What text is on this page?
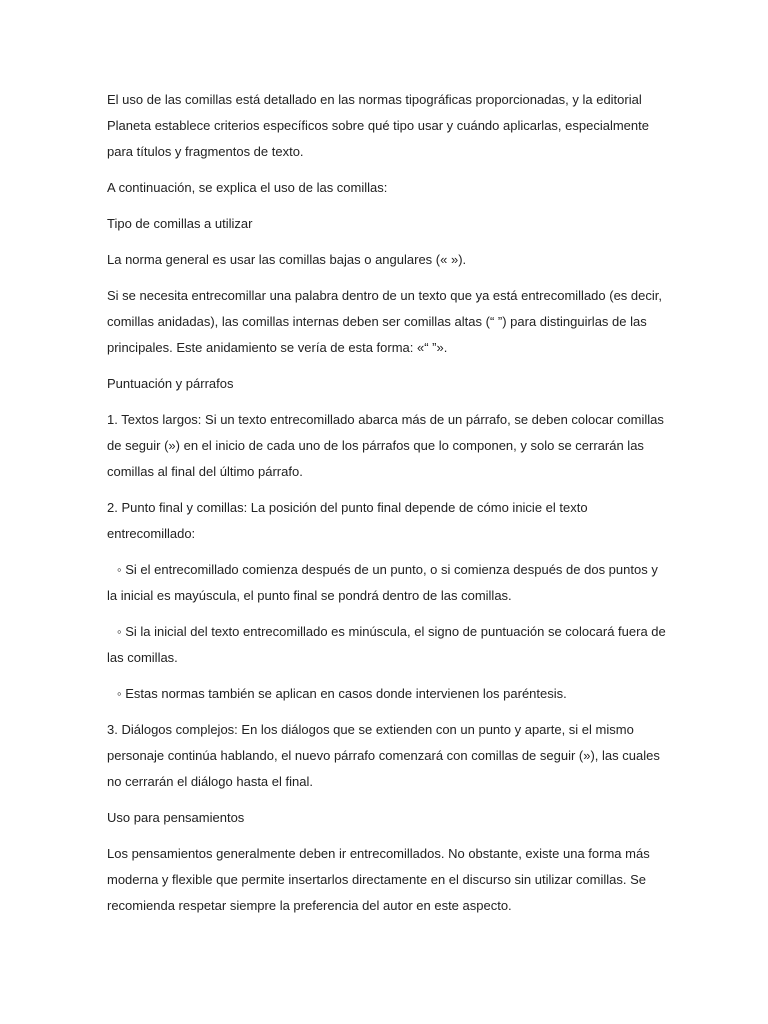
El uso de las comillas está detallado en las normas tipográficas proporcionadas, y la editorial Planeta establece criterios específicos sobre qué tipo usar y cuándo aplicarlas, especialmente para títulos y fragmentos de texto.

A continuación, se explica el uso de las comillas:

Tipo de comillas a utilizar

La norma general es usar las comillas bajas o angulares (« »).

Si se necesita entrecomillar una palabra dentro de un texto que ya está entrecomillado (es decir, comillas anidadas), las comillas internas deben ser comillas altas (“ ”) para distinguirlas de las principales. Este anidamiento se vería de esta forma: «“ ”».

Puntuación y párrafos

1. Textos largos: Si un texto entrecomillado abarca más de un párrafo, se deben colocar comillas de seguir (») en el inicio de cada uno de los párrafos que lo componen, y solo se cerrarán las comillas al final del último párrafo.

2. Punto final y comillas: La posición del punto final depende de cómo inicie el texto entrecomillado:

◦ Si el entrecomillado comienza después de un punto, o si comienza después de dos puntos y la inicial es mayúscula, el punto final se pondrá dentro de las comillas.

◦ Si la inicial del texto entrecomillado es minúscula, el signo de puntuación se colocará fuera de las comillas.

◦ Estas normas también se aplican en casos donde intervienen los paréntesis.

3. Diálogos complejos: En los diálogos que se extienden con un punto y aparte, si el mismo personaje continúa hablando, el nuevo párrafo comenzará con comillas de seguir (»), las cuales no cerrarán el diálogo hasta el final.

Uso para pensamientos

Los pensamientos generalmente deben ir entrecomillados. No obstante, existe una forma más moderna y flexible que permite insertarlos directamente en el discurso sin utilizar comillas. Se recomienda respetar siempre la preferencia del autor en este aspecto.
